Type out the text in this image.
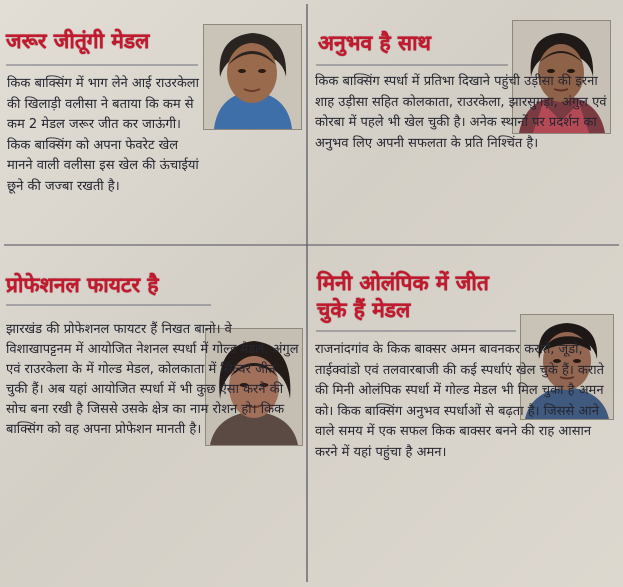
जरूर जीतूंगी मेडल
किक बाक्सिंग में भाग लेने आई राउरकेला की खिलाड़ी वलीसा ने बताया कि कम से कम 2 मेडल जरूर जीत कर जाऊंगी। किक बाक्सिंग को अपना फेवरेट खेल मानने वाली वलीसा इस खेल की ऊंचाईयां छूने की जज्बा रखती है।
अनुभव है साथ
किक बाक्सिंग स्पर्धा में प्रतिभा दिखाने पहुंची उड़ीसा की इरना शाह उड़ीसा सहित कोलकाता, राउरकेला, झारसुगड़ा, अंगुल एवं कोरबा में पहले भी खेल चुकी है। अनेक स्थानों पर प्रदर्शन का अनुभव लिए अपनी सफलता के प्रति निश्चिंत है।
प्रोफेशनल फायटर है
झारखंड की प्रोफेशनल फायटर हैं निखत बानो। वे विशाखापट्टनम में आयोजित नेशनल स्पर्धा में गोल्ड मेडल, अंगुल एवं राउरकेला के में गोल्ड मेडल, कोलकाता में सिल्वर जीत चुकी हैं। अब यहां आयोजित स्पर्धा में भी कुछ ऐसा करने की सोच बना रखी है जिससे उसके क्षेत्र का नाम रोशन हो। किक बाक्सिंग को वह अपना प्रोफेशन मानती है।
मिनी ओलंपिक में जीत चुके हैं मेडल
राजनांदगांव के किक बाक्सर अमन बावनकर कराते, जूडो, ताईक्वांडो एवं तलवारबाजी की कई स्पर्धाएं खेल चुके हैं। कराते की मिनी ओलंपिक स्पर्धा में गोल्ड मेडल भी मिल चुका है अमन को। किक बाक्सिंग अनुभव स्पर्धाओं से बढ़ता है। जिससे आने वाले समय में एक सफल किक बाक्सर बनने की राह आसान करने में यहां पहुंचा है अमन।
